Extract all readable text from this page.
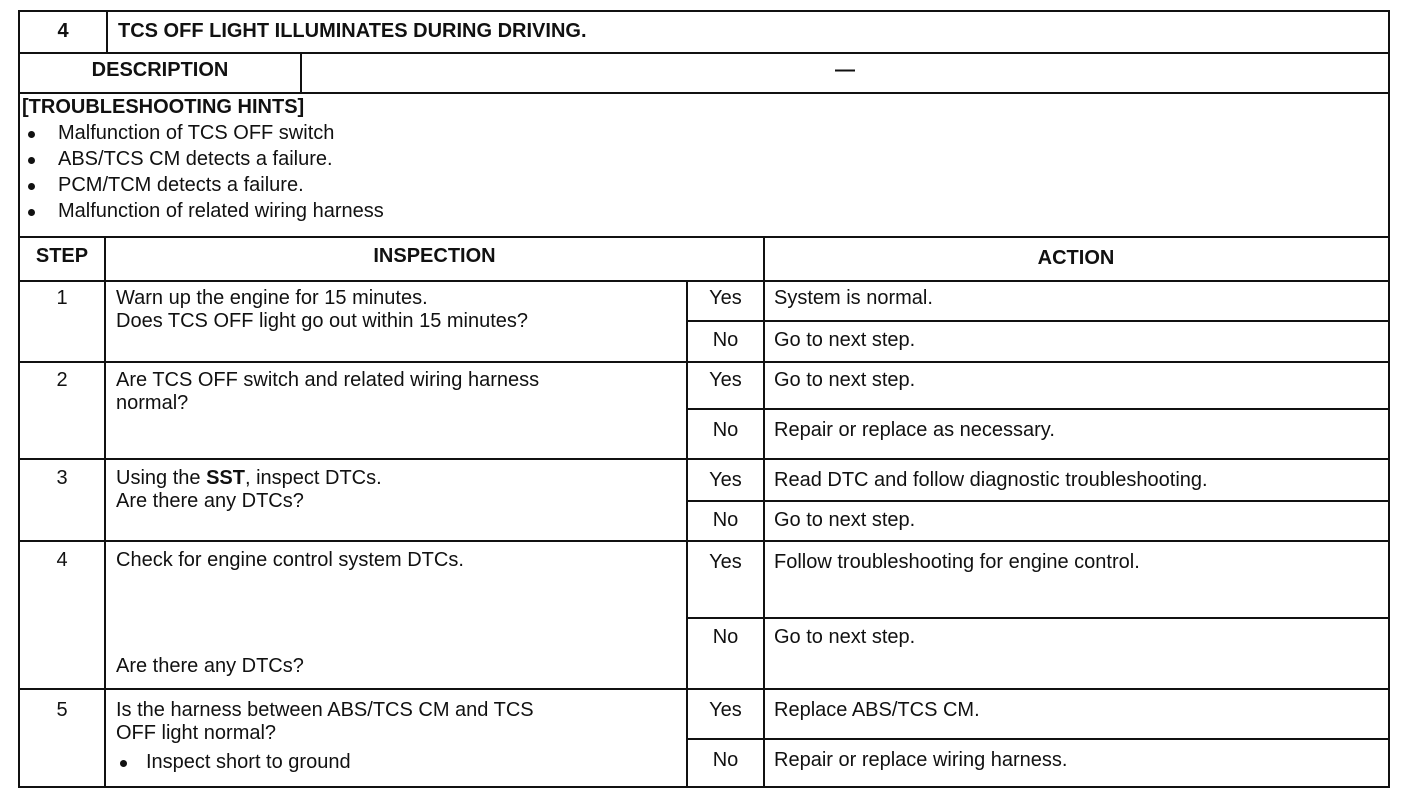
4	TCS OFF LIGHT ILLUMINATES DURING DRIVING.
DESCRIPTION	—
[TROUBLESHOOTING HINTS]
Malfunction of TCS OFF switch
ABS/TCS CM detects a failure.
PCM/TCM detects a failure.
Malfunction of related wiring harness
STEP	INSPECTION	ACTION
1	Warn up the engine for 15 minutes.
Does TCS OFF light go out within 15 minutes?
Yes	System is normal.
No	Go to next step.
2	Are TCS OFF switch and related wiring harness
normal?
Yes	Go to next step.
No	Repair or replace as necessary.
3	Using the SST, inspect DTCs.
Are there any DTCs?
Yes	Read DTC and follow diagnostic troubleshooting.
No	Go to next step.
4	Check for engine control system DTCs.
Are there any DTCs?
Yes	Follow troubleshooting for engine control.
No	Go to next step.
5	Is the harness between ABS/TCS CM and TCS
OFF light normal?
Inspect short to ground
Yes	Replace ABS/TCS CM.
No	Repair or replace wiring harness.
